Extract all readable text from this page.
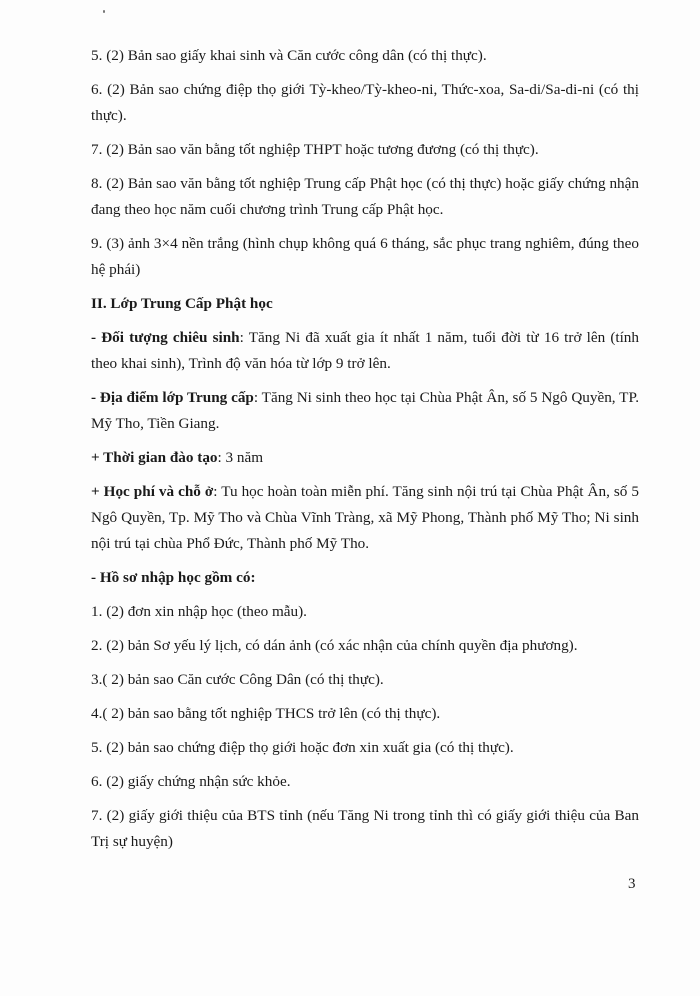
5. (2) Bản sao giấy khai sinh và Căn cước công dân (có thị thực).

6. (2) Bản sao chứng điệp thọ giới Tỳ-kheo/Tỳ-kheo-ni, Thức-xoa, Sa-di/Sa-di-ni (có thị thực).

7. (2) Bản sao văn bằng tốt nghiệp THPT hoặc tương đương (có thị thực).

8. (2) Bản sao văn bằng tốt nghiệp Trung cấp Phật học (có thị thực) hoặc giấy chứng nhận đang theo học năm cuối chương trình Trung cấp Phật học.

9. (3) ảnh 3×4 nền trắng (hình chụp không quá 6 tháng, sắc phục trang nghiêm, đúng theo hệ phái)

II. Lớp Trung Cấp Phật học

- Đối tượng chiêu sinh: Tăng Ni đã xuất gia ít nhất 1 năm, tuổi đời từ 16 trở lên (tính theo khai sinh), Trình độ văn hóa từ lớp 9 trở lên.

- Địa điểm lớp Trung cấp: Tăng Ni sinh theo học tại Chùa Phật Ân, số 5 Ngô Quyền, TP. Mỹ Tho, Tiền Giang.

+ Thời gian đào tạo: 3 năm

+ Học phí và chỗ ở: Tu học hoàn toàn miễn phí. Tăng sinh nội trú tại Chùa Phật Ân, số 5 Ngô Quyền, Tp. Mỹ Tho và Chùa Vĩnh Tràng, xã Mỹ Phong, Thành phố Mỹ Tho; Ni sinh nội trú tại chùa Phổ Đức, Thành phố Mỹ Tho.

- Hồ sơ nhập học gồm có:

1. (2) đơn xin nhập học (theo mẫu).

2. (2) bản Sơ yếu lý lịch, có dán ảnh (có xác nhận của chính quyền địa phương).

3.( 2) bản sao Căn cước Công Dân (có thị thực).

4.( 2) bản sao bằng tốt nghiệp THCS trở lên (có thị thực).

5. (2) bản sao chứng điệp thọ giới hoặc đơn xin xuất gia (có thị thực).

6. (2) giấy chứng nhận sức khỏe.

7. (2) giấy giới thiệu của BTS tỉnh (nếu Tăng Ni trong tỉnh thì có giấy giới thiệu của Ban Trị sự huyện)

3
